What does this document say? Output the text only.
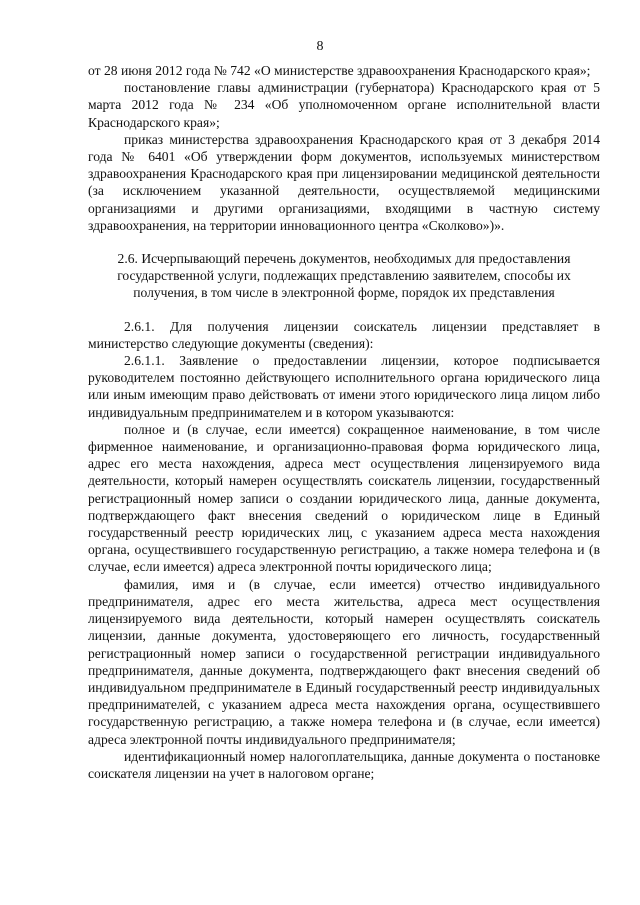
8

от 28 июня 2012 года № 742 «О министерстве здравоохранения Краснодарского края»;

постановление главы администрации (губернатора) Краснодарского края от 5 марта 2012 года № 234 «Об уполномоченном органе исполнительной власти Краснодарского края»;

приказ министерства здравоохранения Краснодарского края от 3 декабря 2014 года № 6401 «Об утверждении форм документов, используемых министерством здравоохранения Краснодарского края при лицензировании медицинской деятельности (за исключением указанной деятельности, осуществляемой медицинскими организациями и другими организациями, входящими в частную систему здравоохранения, на территории инновационного центра «Сколково»)».

2.6. Исчерпывающий перечень документов, необходимых для предоставления государственной услуги, подлежащих представлению заявителем, способы их получения, в том числе в электронной форме, порядок их представления

2.6.1. Для получения лицензии соискатель лицензии представляет в министерство следующие документы (сведения):

2.6.1.1. Заявление о предоставлении лицензии, которое подписывается руководителем постоянно действующего исполнительного органа юридического лица или иным имеющим право действовать от имени этого юридического лица лицом либо индивидуальным предпринимателем и в котором указываются:

полное и (в случае, если имеется) сокращенное наименование, в том числе фирменное наименование, и организационно-правовая форма юридического лица, адрес его места нахождения, адреса мест осуществления лицензируемого вида деятельности, который намерен осуществлять соискатель лицензии, государственный регистрационный номер записи о создании юридического лица, данные документа, подтверждающего факт внесения сведений о юридическом лице в Единый государственный реестр юридических лиц, с указанием адреса места нахождения органа, осуществившего государственную регистрацию, а также номера телефона и (в случае, если имеется) адреса электронной почты юридического лица;

фамилия, имя и (в случае, если имеется) отчество индивидуального предпринимателя, адрес его места жительства, адреса мест осуществления лицензируемого вида деятельности, который намерен осуществлять соискатель лицензии, данные документа, удостоверяющего его личность, государственный регистрационный номер записи о государственной регистрации индивидуального предпринимателя, данные документа, подтверждающего факт внесения сведений об индивидуальном предпринимателе в Единый государственный реестр индивидуальных предпринимателей, с указанием адреса места нахождения органа, осуществившего государственную регистрацию, а также номера телефона и (в случае, если имеется) адреса электронной почты индивидуального предпринимателя;

идентификационный номер налогоплательщика, данные документа о постановке соискателя лицензии на учет в налоговом органе;
